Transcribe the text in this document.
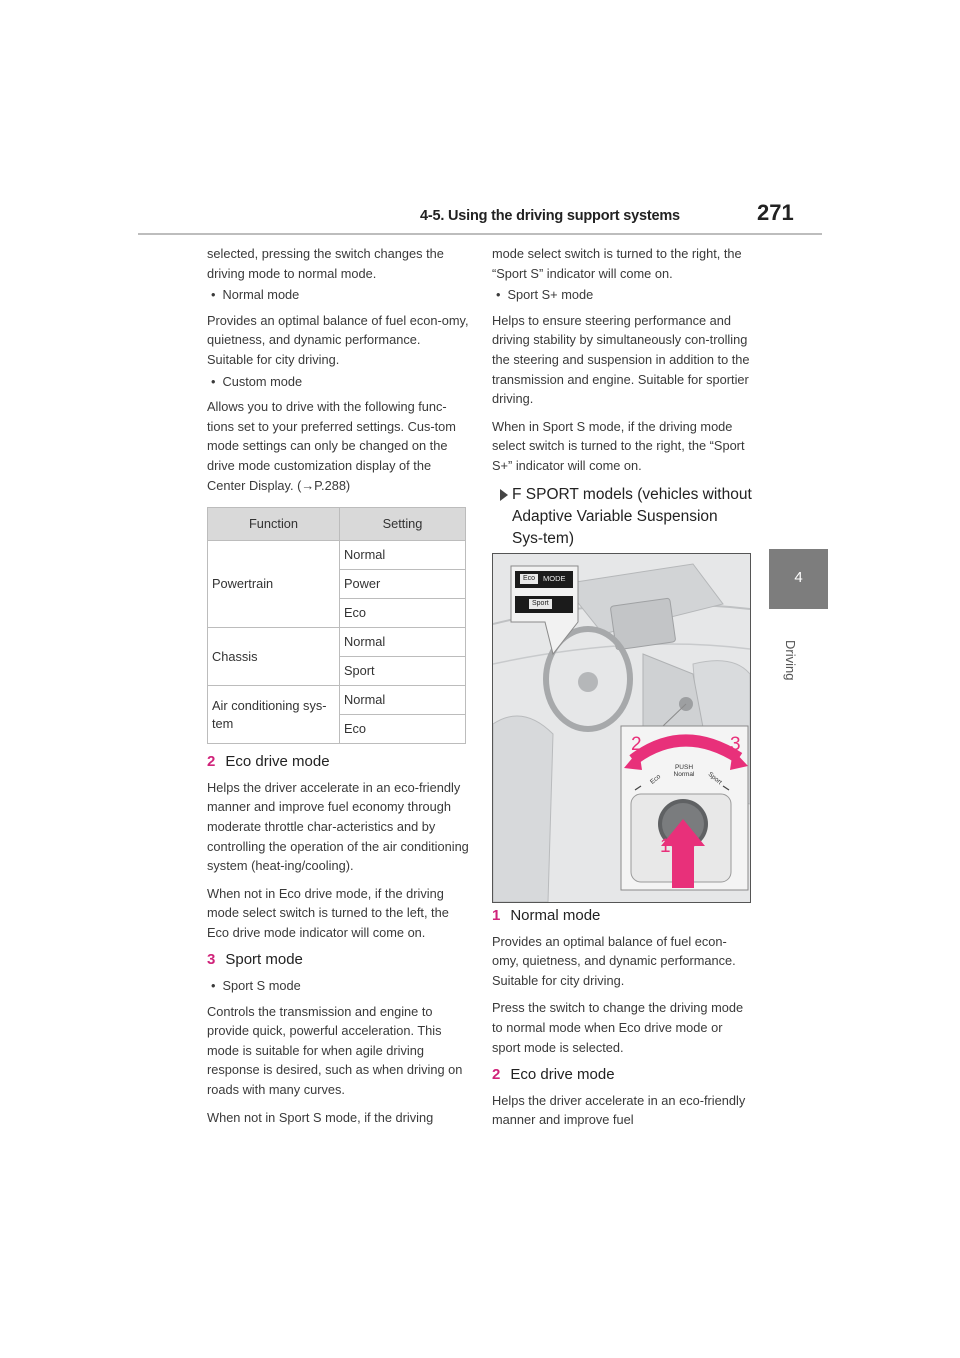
4-5. Using the driving support systems	271
4
Driving

selected, pressing the switch changes the driving mode to normal mode.

• Normal mode

Provides an optimal balance of fuel econ-omy, quietness, and dynamic performance. Suitable for city driving.

• Custom mode

Allows you to drive with the following func-tions set to your preferred settings. Cus-tom mode settings can only be changed on the drive mode customization display of the Center Display. (→P.288)

Function	Setting
Powertrain	Normal
	Power
	Eco
Chassis	Normal
	Sport
Air conditioning sys-tem	Normal
	Eco
2 Eco drive mode

Helps the driver accelerate in an eco-friendly manner and improve fuel economy through moderate throttle char-acteristics and by controlling the operation of the air conditioning system (heat-ing/cooling).

When not in Eco drive mode, if the driving mode select switch is turned to the left, the Eco drive mode indicator will come on.

3 Sport mode
• Sport S mode

Controls the transmission and engine to provide quick, powerful acceleration. This mode is suitable for when agile driving response is desired, such as when driving on roads with many curves.

When not in Sport S mode, if the driving

mode select switch is turned to the right, the “Sport S” indicator will come on.

• Sport S+ mode

Helps to ensure steering performance and driving stability by simultaneously con-trolling the steering and suspension in addition to the transmission and engine. Suitable for sportier driving.

When in Sport S mode, if the driving mode select switch is turned to the right, the “Sport S+” indicator will come on.

F SPORT models (vehicles without Adaptive Variable Suspension Sys-tem)
Eco	MODE
Sport
PUSH
Normal
Eco	Sport
2	3
1
1 Normal mode

Provides an optimal balance of fuel econ-omy, quietness, and dynamic performance. Suitable for city driving.

Press the switch to change the driving mode to normal mode when Eco drive mode or sport mode is selected.

2 Eco drive mode

Helps the driver accelerate in an eco-friendly manner and improve fuel
